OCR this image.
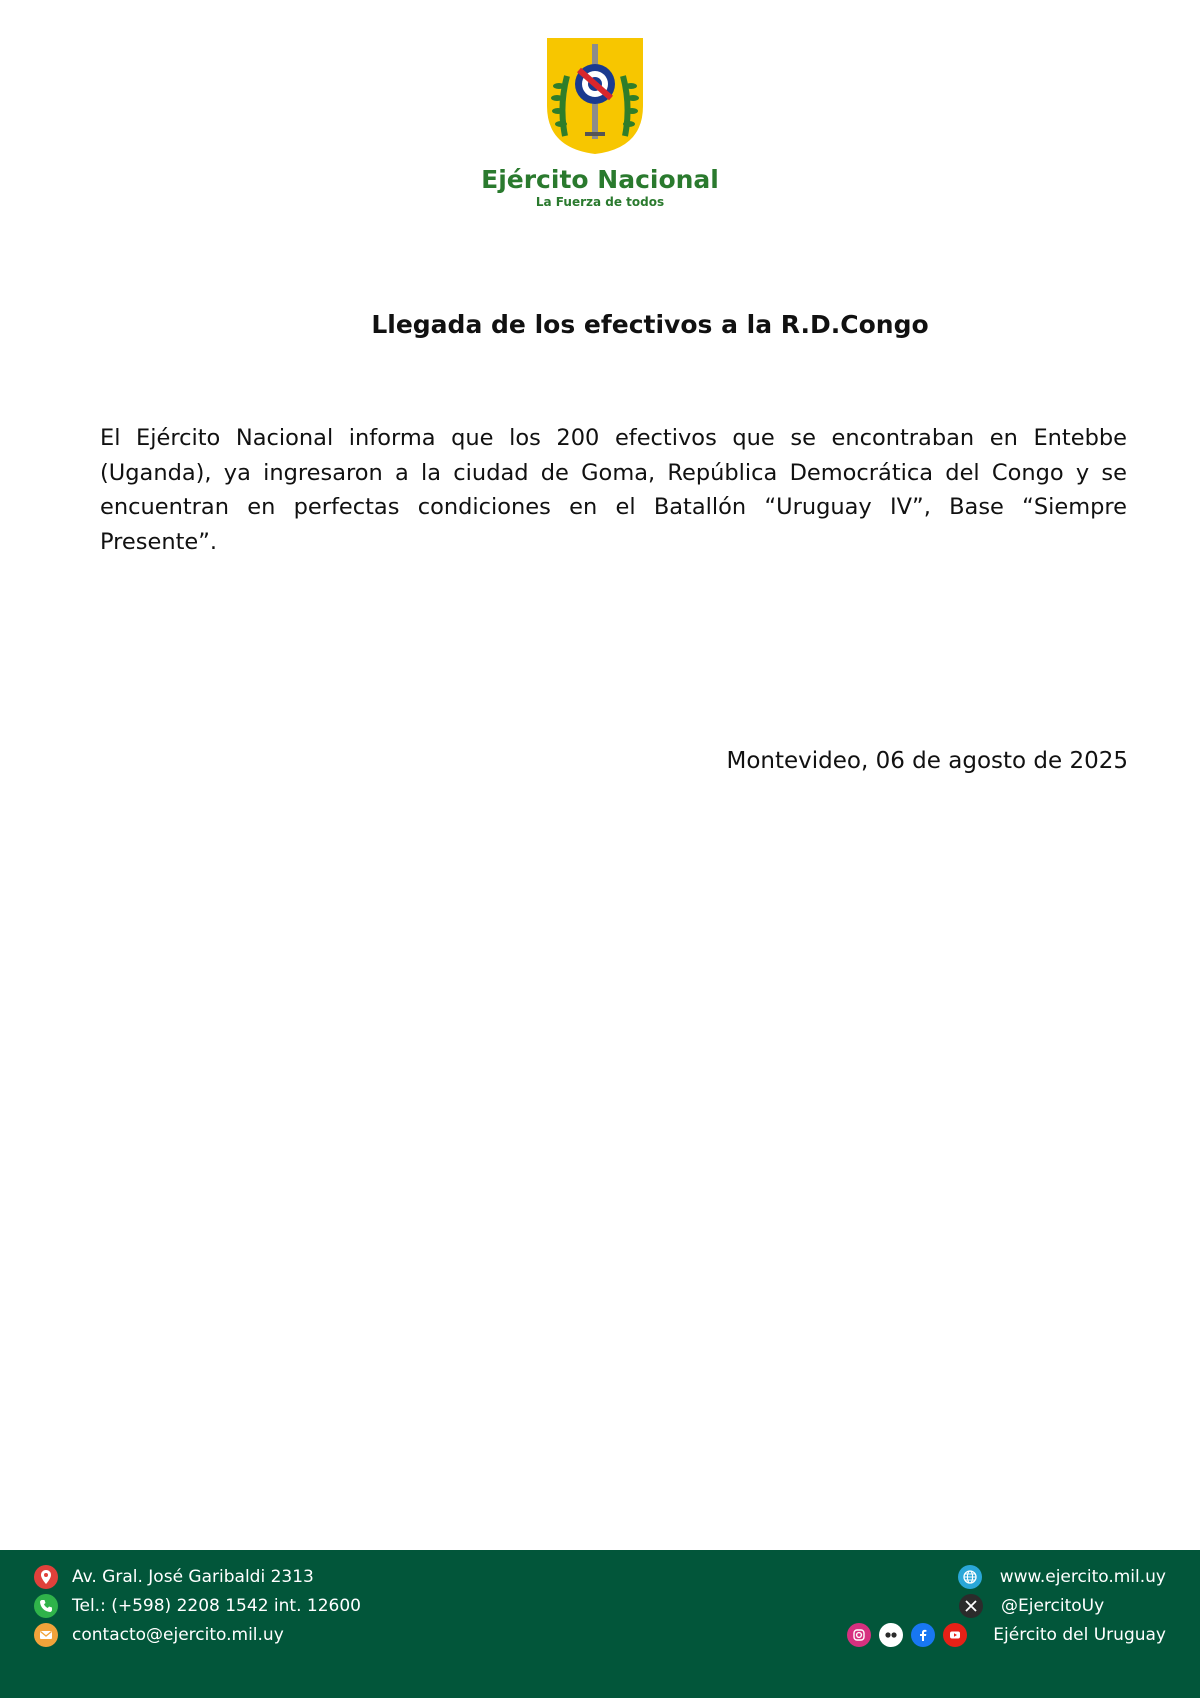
Ejército Nacional
La Fuerza de todos
Llegada de los efectivos a la R.D.Congo
El Ejército Nacional informa que los 200 efectivos que se encontraban en Entebbe (Uganda), ya ingresaron a la ciudad de Goma, República Democrática del Congo y se encuentran en perfectas condiciones en el Batallón “Uruguay IV”, Base “Siempre Presente”.
Montevideo, 06 de agosto de 2025
Av. Gral. José Garibaldi 2313
Tel.: (+598) 2208 1542 int. 12600
contacto@ejercito.mil.uy
www.ejercito.mil.uy
@EjercitoUy
Ejército del Uruguay
